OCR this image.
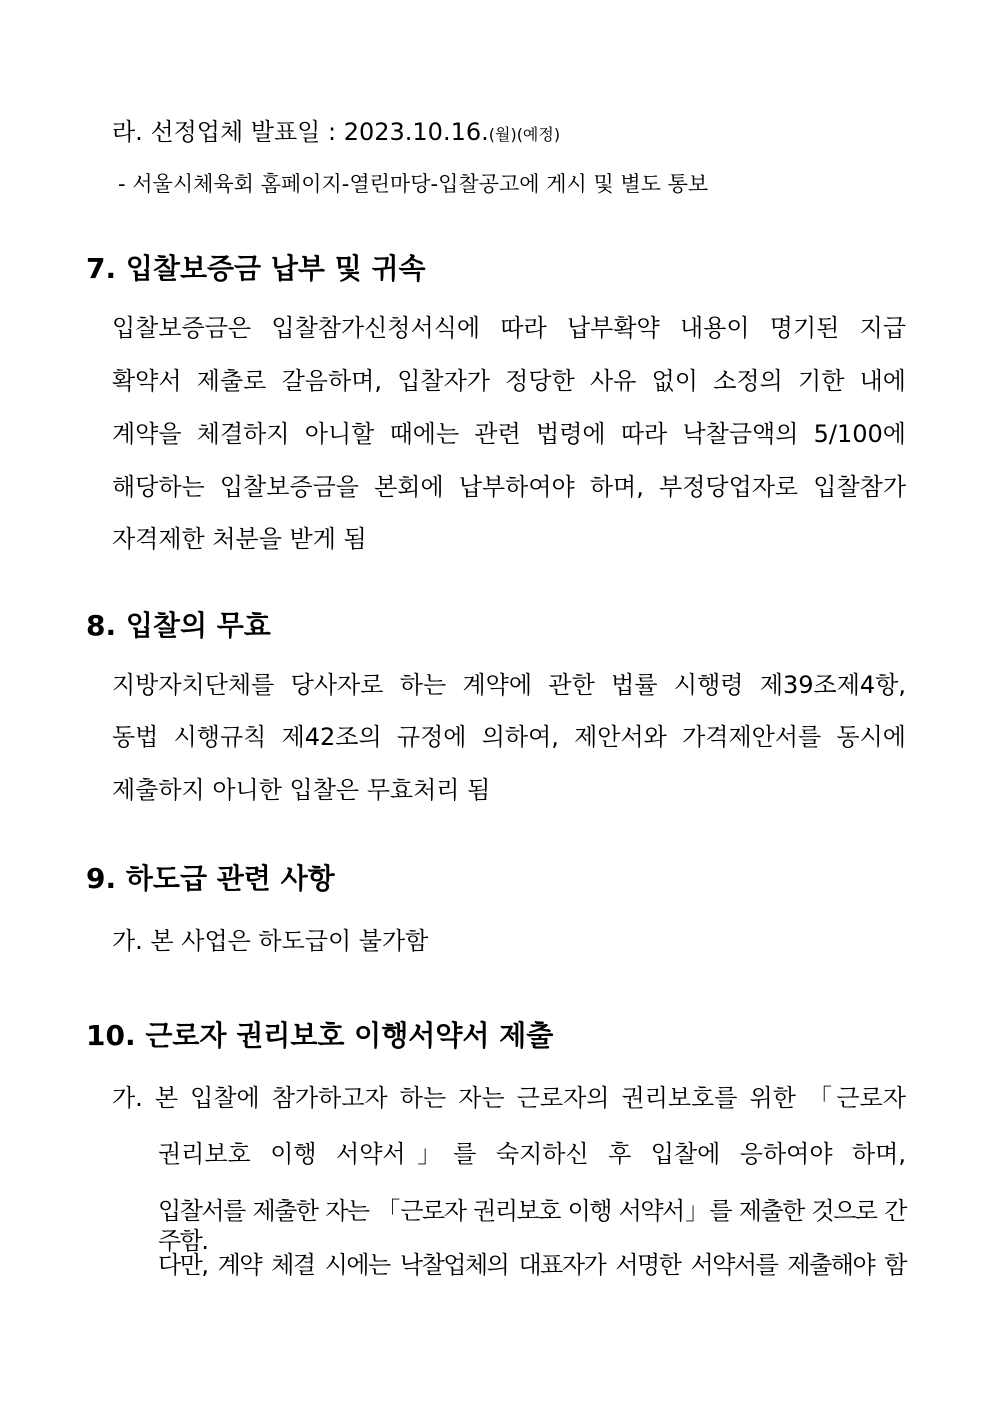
라. 선정업체 발표일 : 2023.10.16.(월)(예정)
- 서울시체육회 홈페이지-열린마당-입찰공고에 게시 및 별도 통보
7. 입찰보증금 납부 및 귀속
입찰보증금은 입찰참가신청서식에 따라 납부확약 내용이 명기된 지급
확약서 제출로 갈음하며, 입찰자가 정당한 사유 없이 소정의 기한 내에
계약을 체결하지 아니할 때에는 관련 법령에 따라 낙찰금액의 5/100에
해당하는 입찰보증금을 본회에 납부하여야 하며, 부정당업자로 입찰참가
자격제한 처분을 받게 됨
8. 입찰의 무효
지방자치단체를 당사자로 하는 계약에 관한 법률 시행령 제39조제4항,
동법 시행규칙 제42조의 규정에 의하여, 제안서와 가격제안서를 동시에
제출하지 아니한 입찰은 무효처리 됨
9. 하도급 관련 사항
가. 본 사업은 하도급이 불가함
10. 근로자 권리보호 이행서약서 제출
가. 본 입찰에 참가하고자 하는 자는 근로자의 권리보호를 위한 「근로자
권리보호 이행 서약서」를 숙지하신 후 입찰에 응하여야 하며,
입찰서를 제출한 자는 「근로자 권리보호 이행 서약서」를 제출한 것으로 간주함.
다만, 계약 체결 시에는 낙찰업체의 대표자가 서명한 서약서를 제출해야 함
